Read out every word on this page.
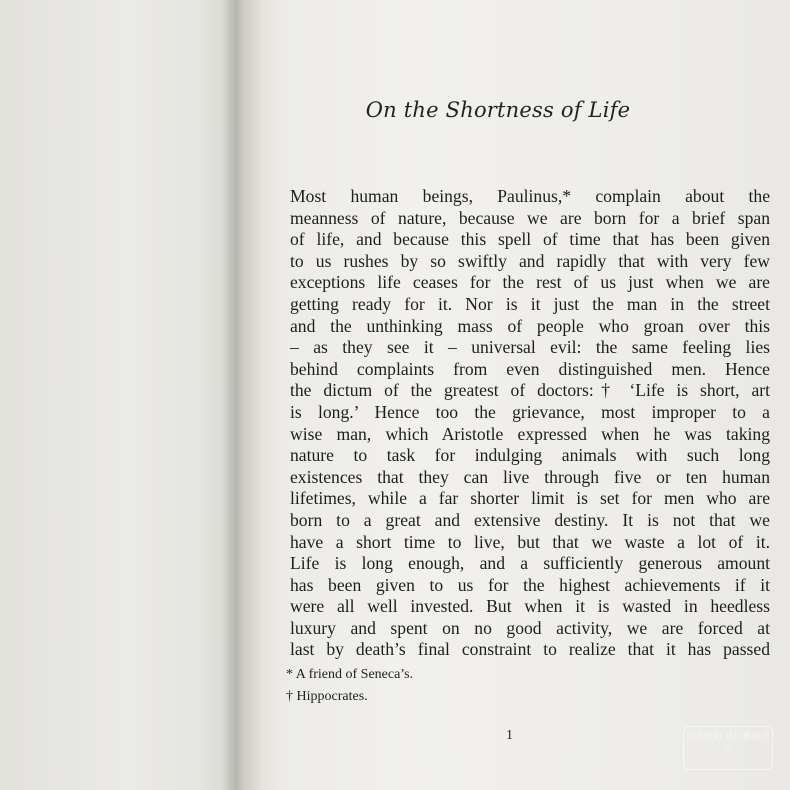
On the Shortness of Life
Most human beings, Paulinus,* complain about the
meanness of nature, because we are born for a brief span
of life, and because this spell of time that has been given
to us rushes by so swiftly and rapidly that with very few
exceptions life ceases for the rest of us just when we are
getting ready for it. Nor is it just the man in the street
and the unthinking mass of people who groan over this
– as they see it – universal evil: the same feeling lies
behind complaints from even distinguished men. Hence
the dictum of the greatest of doctors:† ‘Life is short, art
is long.’ Hence too the grievance, most improper to a
wise man, which Aristotle expressed when he was taking
nature to task for indulging animals with such long
existences that they can live through five or ten human
lifetimes, while a far shorter limit is set for men who are
born to a great and extensive destiny. It is not that we
have a short time to live, but that we waste a lot of it.
Life is long enough, and a sufficiently generous amount
has been given to us for the highest achievements if it
were all well invested. But when it is wasted in heedless
luxury and spent on no good activity, we are forced at
last by death’s final constraint to realize that it has passed
* A friend of Seneca’s.
† Hippocrates.
1	中高欧阳 我们都阅读之
